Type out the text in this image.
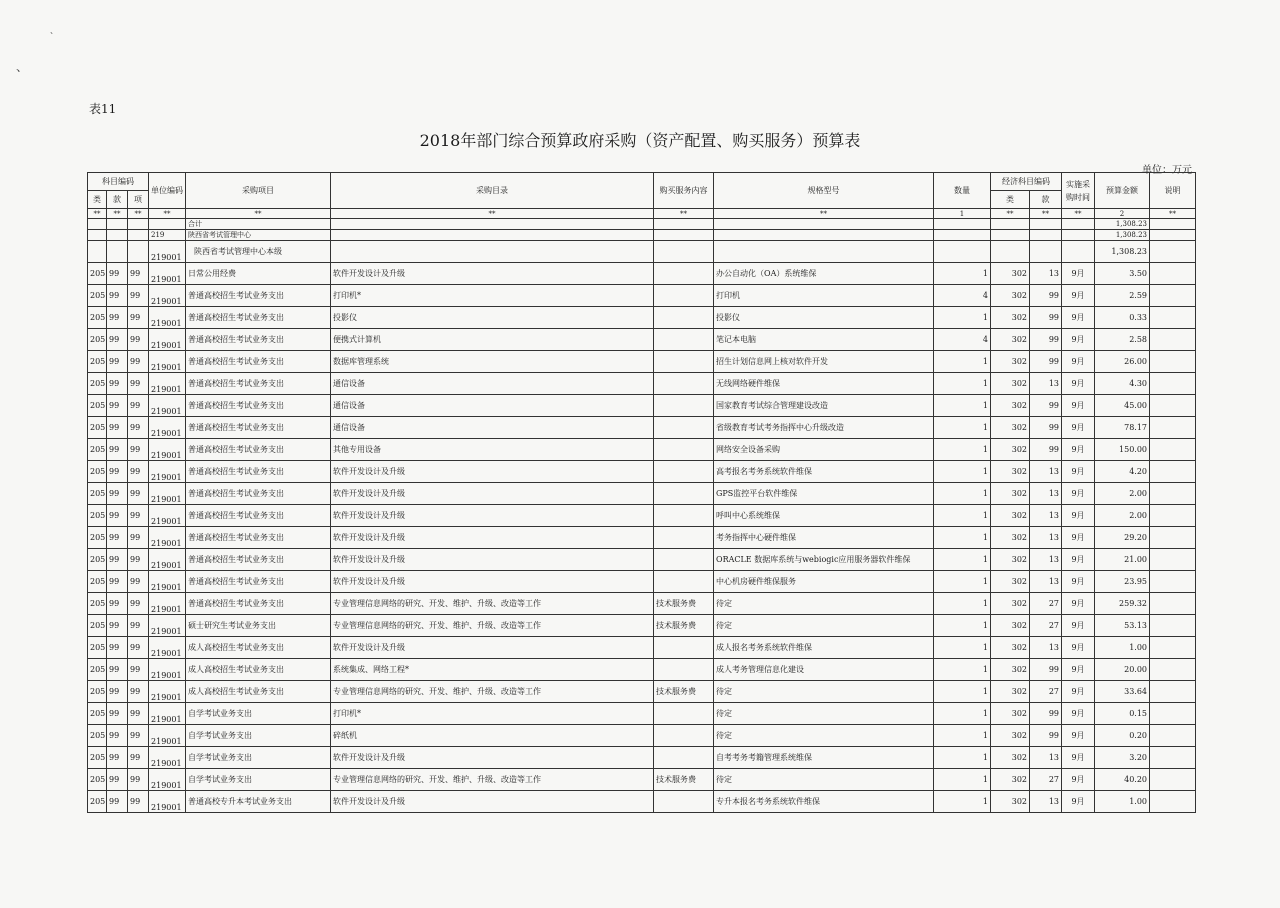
、
、
表11
2018年部门综合预算政府采购（资产配置、购买服务）预算表
单位：万元
科目编码			单位编码	采购项目	采购目录	购买服务内容	规格型号	数量	经济科目编码		实施采购时间	预算金额	说明
类	款	项							类	款			
**	**	**	**	**	**	**	**	1	**	**	**	2	**
				合计								1,308.23	
			219	陕西省考试管理中心								1,308.23	
			219001	陕西省考试管理中心本级								1,308.23	
205	99	99	219001	日常公用经费	软件开发设计及升级		办公自动化（OA）系统维保	1	302	13	9月	3.50	
205	99	99	219001	普通高校招生考试业务支出	打印机*		打印机	4	302	99	9月	2.59	
205	99	99	219001	普通高校招生考试业务支出	投影仪		投影仪	1	302	99	9月	0.33	
205	99	99	219001	普通高校招生考试业务支出	便携式计算机		笔记本电脑	4	302	99	9月	2.58	
205	99	99	219001	普通高校招生考试业务支出	数据库管理系统		招生计划信息网上核对软件开发	1	302	99	9月	26.00	
205	99	99	219001	普通高校招生考试业务支出	通信设备		无线网络硬件维保	1	302	13	9月	4.30	
205	99	99	219001	普通高校招生考试业务支出	通信设备		国家教育考试综合管理建设改造	1	302	99	9月	45.00	
205	99	99	219001	普通高校招生考试业务支出	通信设备		省级教育考试考务指挥中心升级改造	1	302	99	9月	78.17	
205	99	99	219001	普通高校招生考试业务支出	其他专用设备		网络安全设备采购	1	302	99	9月	150.00	
205	99	99	219001	普通高校招生考试业务支出	软件开发设计及升级		高考报名考务系统软件维保	1	302	13	9月	4.20	
205	99	99	219001	普通高校招生考试业务支出	软件开发设计及升级		GPS监控平台软件维保	1	302	13	9月	2.00	
205	99	99	219001	普通高校招生考试业务支出	软件开发设计及升级		呼叫中心系统维保	1	302	13	9月	2.00	
205	99	99	219001	普通高校招生考试业务支出	软件开发设计及升级		考务指挥中心硬件维保	1	302	13	9月	29.20	
205	99	99	219001	普通高校招生考试业务支出	软件开发设计及升级		ORACLE 数据库系统与webiogic应用服务器软件维保	1	302	13	9月	21.00	
205	99	99	219001	普通高校招生考试业务支出	软件开发设计及升级		中心机房硬件维保服务	1	302	13	9月	23.95	
205	99	99	219001	普通高校招生考试业务支出	专业管理信息网络的研究、开发、维护、升级、改造等工作	技术服务费	待定	1	302	27	9月	259.32	
205	99	99	219001	硕士研究生考试业务支出	专业管理信息网络的研究、开发、维护、升级、改造等工作	技术服务费	待定	1	302	27	9月	53.13	
205	99	99	219001	成人高校招生考试业务支出	软件开发设计及升级		成人报名考务系统软件维保	1	302	13	9月	1.00	
205	99	99	219001	成人高校招生考试业务支出	系统集成、网络工程*		成人考务管理信息化建设	1	302	99	9月	20.00	
205	99	99	219001	成人高校招生考试业务支出	专业管理信息网络的研究、开发、维护、升级、改造等工作	技术服务费	待定	1	302	27	9月	33.64	
205	99	99	219001	自学考试业务支出	打印机*		待定	1	302	99	9月	0.15	
205	99	99	219001	自学考试业务支出	碎纸机		待定	1	302	99	9月	0.20	
205	99	99	219001	自学考试业务支出	软件开发设计及升级		自考考务考籍管理系统维保	1	302	13	9月	3.20	
205	99	99	219001	自学考试业务支出	专业管理信息网络的研究、开发、维护、升级、改造等工作	技术服务费	待定	1	302	27	9月	40.20	
205	99	99	219001	普通高校专升本考试业务支出	软件开发设计及升级		专升本报名考务系统软件维保	1	302	13	9月	1.00	
